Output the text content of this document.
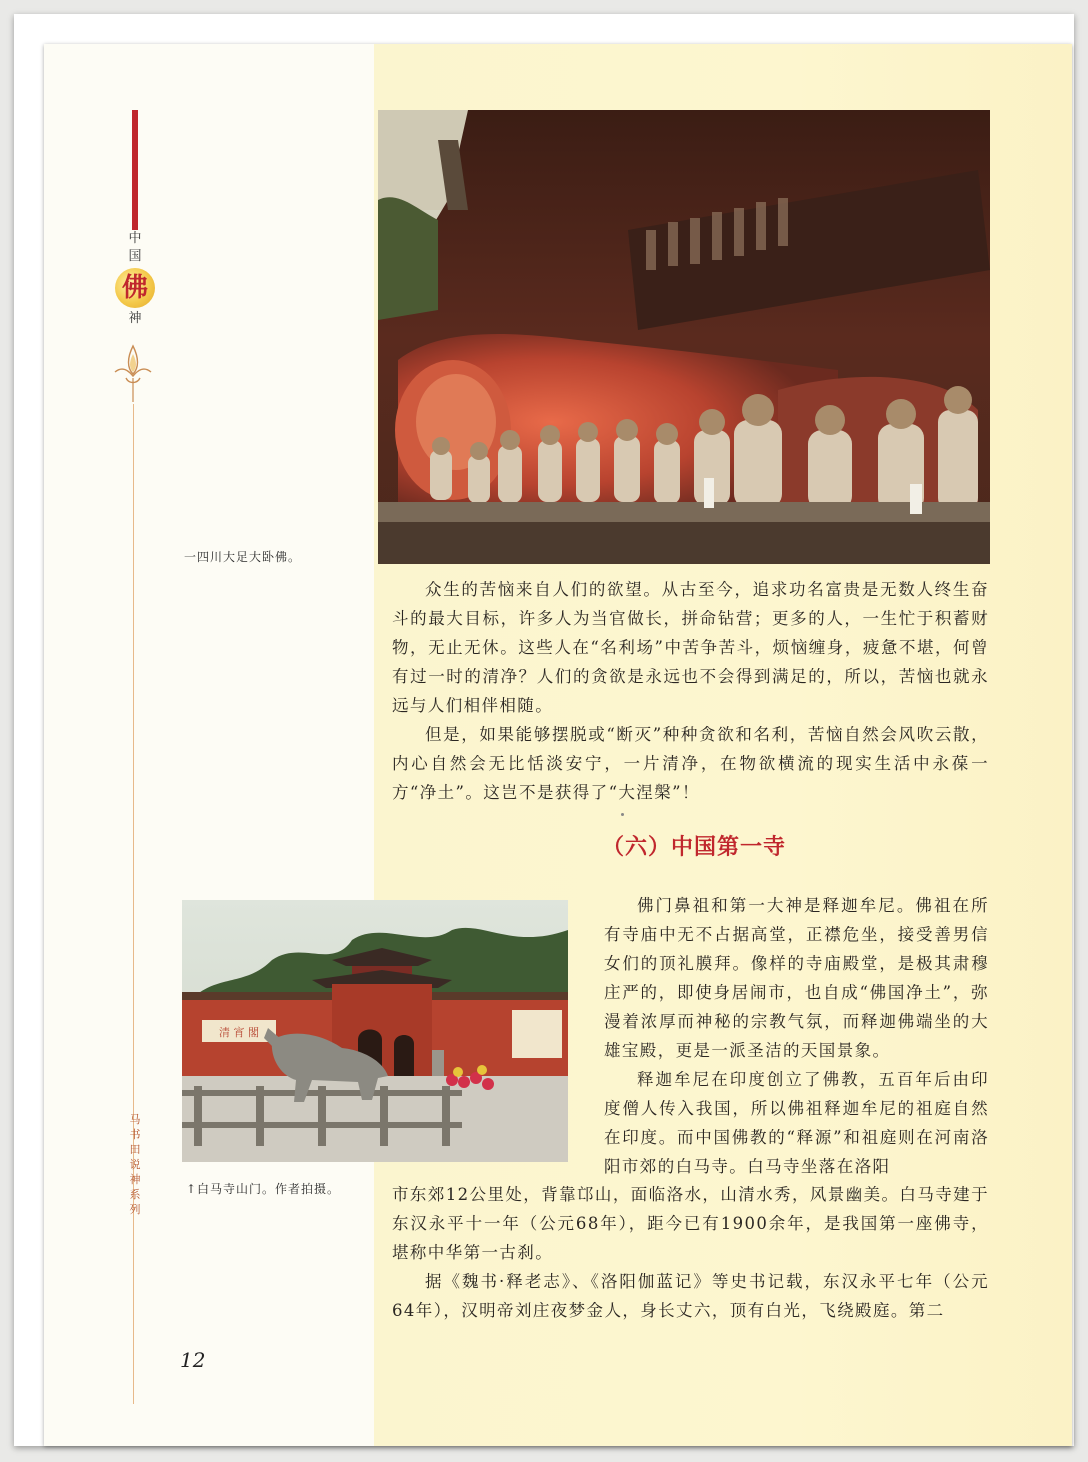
中
国
佛
神
马书田说神系列
一四川大足大卧佛。

众生的苦恼来自人们的欲望。从古至今，追求功名富贵是无数人终生奋斗的最大目标，许多人为当官做长，拼命钻营；更多的人，一生忙于积蓄财物，无止无休。这些人在“名利场”中苦争苦斗，烦恼缠身，疲惫不堪，何曾有过一时的清净？人们的贪欲是永远也不会得到满足的，所以，苦恼也就永远与人们相伴相随。

但是，如果能够摆脱或“断灭”种种贪欲和名利，苦恼自然会风吹云散，内心自然会无比恬淡安宁，一片清净，在物欲横流的现实生活中永葆一方“净土”。这岂不是获得了“大涅槃”！

（六）中国第一寺
清 宵 閣
↑白马寺山门。作者拍摄。

佛门鼻祖和第一大神是释迦牟尼。佛祖在所有寺庙中无不占据高堂，正襟危坐，接受善男信女们的顶礼膜拜。像样的寺庙殿堂，是极其肃穆庄严的，即使身居闹市，也自成“佛国净土”，弥漫着浓厚而神秘的宗教气氛，而释迦佛端坐的大雄宝殿，更是一派圣洁的天国景象。

释迦牟尼在印度创立了佛教，五百年后由印度僧人传入我国，所以佛祖释迦牟尼的祖庭自然在印度。而中国佛教的“释源”和祖庭则在河南洛阳市郊的白马寺。白马寺坐落在洛阳

市东郊12公里处，背靠邙山，面临洛水，山清水秀，风景幽美。白马寺建于东汉永平十一年（公元68年），距今已有1900余年，是我国第一座佛寺，堪称中华第一古刹。

据《魏书·释老志》、《洛阳伽蓝记》等史书记载，东汉永平七年（公元64年），汉明帝刘庄夜梦金人，身长丈六，顶有白光，飞绕殿庭。第二

12
